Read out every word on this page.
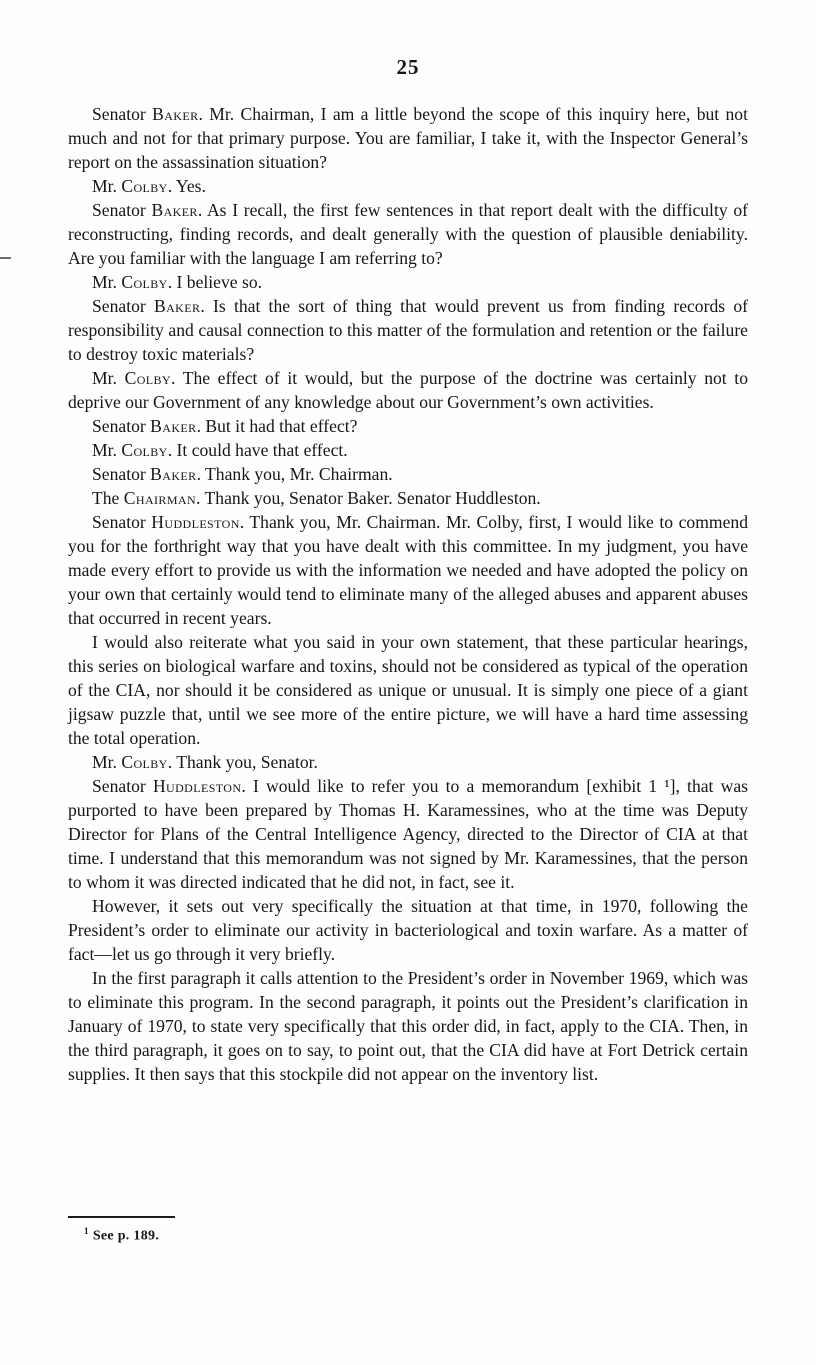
25

Senator Baker. Mr. Chairman, I am a little beyond the scope of this inquiry here, but not much and not for that primary purpose. You are familiar, I take it, with the Inspector General’s report on the assassination situation?

Mr. Colby. Yes.

Senator Baker. As I recall, the first few sentences in that report dealt with the difficulty of reconstructing, finding records, and dealt generally with the question of plausible deniability. Are you familiar with the language I am referring to?

Mr. Colby. I believe so.

Senator Baker. Is that the sort of thing that would prevent us from finding records of responsibility and causal connection to this matter of the formulation and retention or the failure to destroy toxic materials?

Mr. Colby. The effect of it would, but the purpose of the doctrine was certainly not to deprive our Government of any knowledge about our Government’s own activities.

Senator Baker. But it had that effect?

Mr. Colby. It could have that effect.

Senator Baker. Thank you, Mr. Chairman.

The Chairman. Thank you, Senator Baker. Senator Huddleston.

Senator Huddleston. Thank you, Mr. Chairman. Mr. Colby, first, I would like to commend you for the forthright way that you have dealt with this committee. In my judgment, you have made every effort to provide us with the information we needed and have adopted the policy on your own that certainly would tend to eliminate many of the alleged abuses and apparent abuses that occurred in recent years.

I would also reiterate what you said in your own statement, that these particular hearings, this series on biological warfare and toxins, should not be considered as typical of the operation of the CIA, nor should it be considered as unique or unusual. It is simply one piece of a giant jigsaw puzzle that, until we see more of the entire picture, we will have a hard time assessing the total operation.

Mr. Colby. Thank you, Senator.

Senator Huddleston. I would like to refer you to a memorandum [exhibit 1 ¹], that was purported to have been prepared by Thomas H. Karamessines, who at the time was Deputy Director for Plans of the Central Intelligence Agency, directed to the Director of CIA at that time. I understand that this memorandum was not signed by Mr. Karamessines, that the person to whom it was directed indicated that he did not, in fact, see it.

However, it sets out very specifically the situation at that time, in 1970, following the President’s order to eliminate our activity in bacteriological and toxin warfare. As a matter of fact—let us go through it very briefly.

In the first paragraph it calls attention to the President’s order in November 1969, which was to eliminate this program. In the second paragraph, it points out the President’s clarification in January of 1970, to state very specifically that this order did, in fact, apply to the CIA. Then, in the third paragraph, it goes on to say, to point out, that the CIA did have at Fort Detrick certain supplies. It then says that this stockpile did not appear on the inventory list.

$^1$ See p. 189.
